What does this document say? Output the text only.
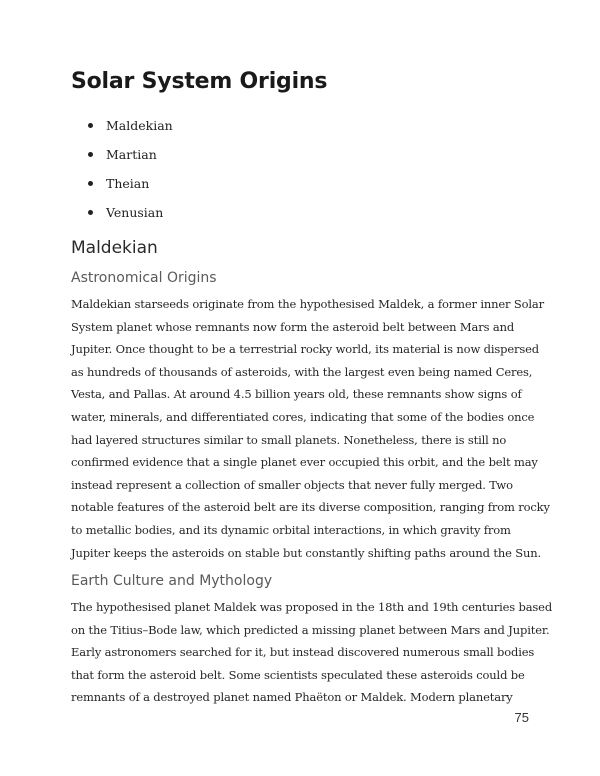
Solar System Origins
Maldekian
Martian
Theian
Venusian
Maldekian
Astronomical Origins

Maldekian starseeds originate from the hypothesised Maldek, a former inner Solar
System planet whose remnants now form the asteroid belt between Mars and
Jupiter. Once thought to be a terrestrial rocky world, its material is now dispersed
as hundreds of thousands of asteroids, with the largest even being named Ceres,
Vesta, and Pallas. At around 4.5 billion years old, these remnants show signs of
water, minerals, and differentiated cores, indicating that some of the bodies once
had layered structures similar to small planets. Nonetheless, there is still no
confirmed evidence that a single planet ever occupied this orbit, and the belt may
instead represent a collection of smaller objects that never fully merged. Two
notable features of the asteroid belt are its diverse composition, ranging from rocky
to metallic bodies, and its dynamic orbital interactions, in which gravity from
Jupiter keeps the asteroids on stable but constantly shifting paths around the Sun.

Earth Culture and Mythology

The hypothesised planet Maldek was proposed in the 18th and 19th centuries based
on the Titius–Bode law, which predicted a missing planet between Mars and Jupiter.
Early astronomers searched for it, but instead discovered numerous small bodies
that form the asteroid belt. Some scientists speculated these asteroids could be
remnants of a destroyed planet named Phaëton or Maldek. Modern planetary

75
